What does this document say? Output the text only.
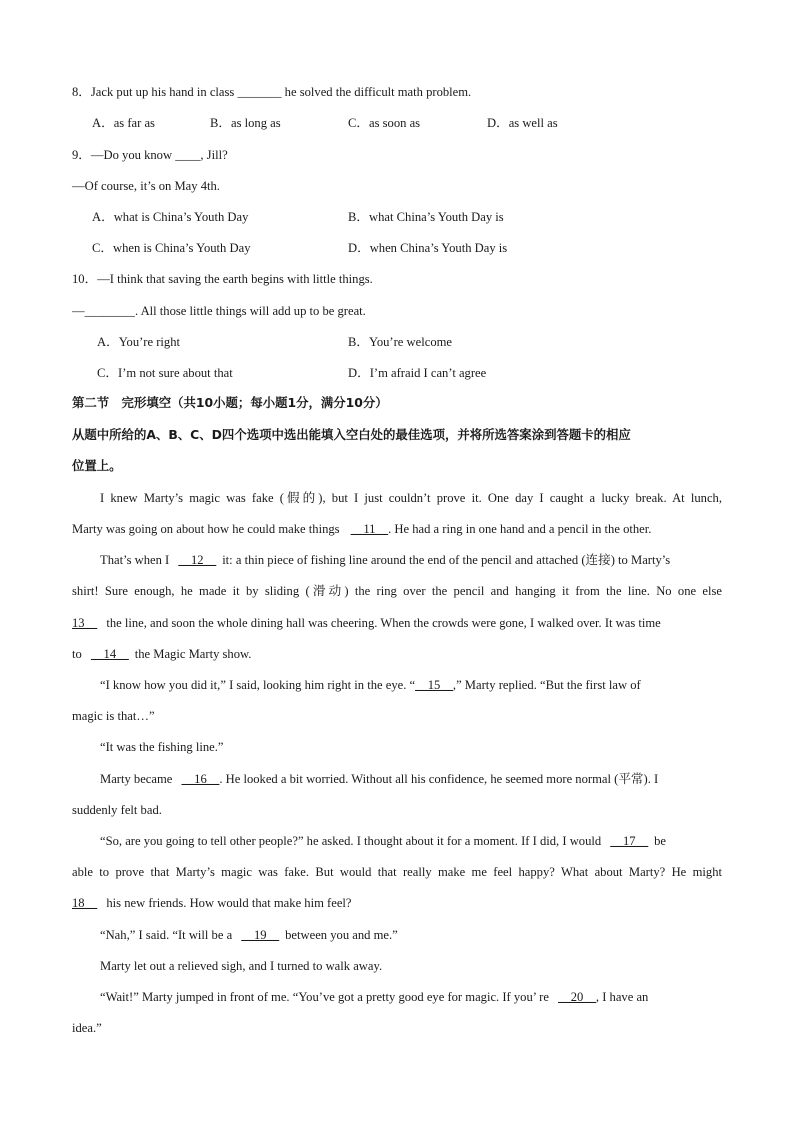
8．Jack put up his hand in class _______ he solved the difficult math problem.
A．as far as	B．as long as	C．as soon as	D．as well as
9．—Do you know ____, Jill?
—Of course, it’s on May 4th.
A．what is China’s Youth Day	B．what China’s Youth Day is
C．when is China’s Youth Day	D．when China’s Youth Day is
10．—I think that saving the earth begins with little things.
—________. All those little things will add up to be great.
A．You’re right	B．You’re welcome
C．I’m not sure about that	D．I’m afraid I can’t agree
第二节　完形填空（共10小题；每小题1分，满分10分）
从题中所给的A、B、C、D四个选项中选出能填入空白处的最佳选项，并将所选答案涂到答题卡的相应
位置上。
I knew Marty’s magic was fake (假的), but I just couldn’t prove it. One day I caught a lucky break. At lunch,
Marty was going on about how he could make things __11__. He had a ring in one hand and a pencil in the other.
That’s when I __12__ it: a thin piece of fishing line around the end of the pencil and attached (连接) to Marty’s
shirt! Sure enough, he made it by sliding (滑动) the ring over the pencil and hanging it from the line. No one else
13__ the line, and soon the whole dining hall was cheering. When the crowds were gone, I walked over. It was time
to __14__ the Magic Marty show.
“I know how you did it,” I said, looking him right in the eye. “__15__,” Marty replied. “But the first law of
magic is that…”
“It was the fishing line.”
Marty became __16__. He looked a bit worried. Without all his confidence, he seemed more normal (平常). I
suddenly felt bad.
“So, are you going to tell other people?” he asked. I thought about it for a moment. If I did, I would __17__ be
able to prove that Marty’s magic was fake. But would that really make me feel happy? What about Marty? He might
18__ his new friends. How would that make him feel?
“Nah,” I said. “It will be a __19__ between you and me.”
Marty let out a relieved sigh, and I turned to walk away.
“Wait!” Marty jumped in front of me. “You’ve got a pretty good eye for magic. If you’ re __20__, I have an
idea.”
